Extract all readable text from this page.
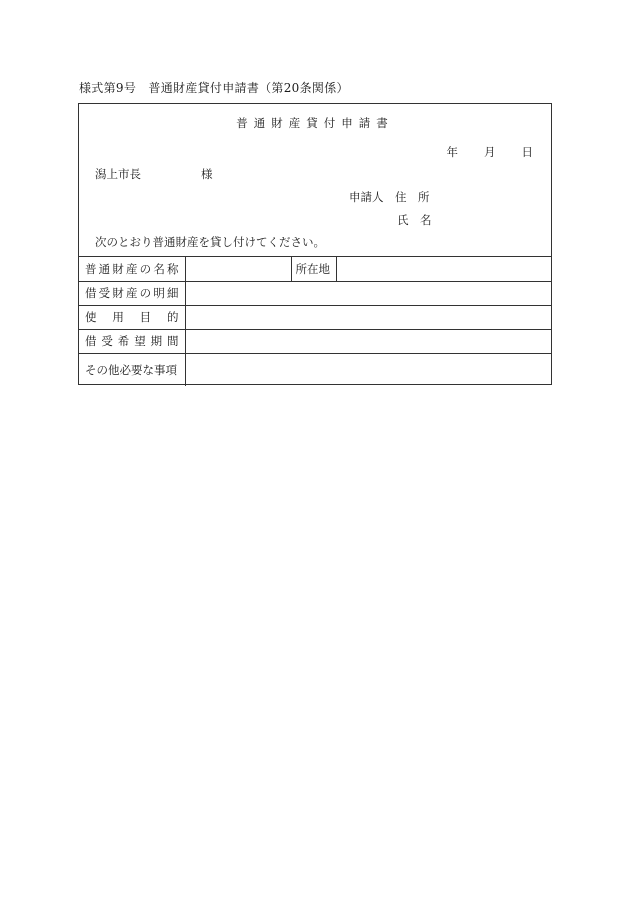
様式第9号　普通財産貸付申請書（第20条関係）
普通財産貸付申請書
年 月 日
潟上市長	様
申請人　住　所
氏　名
次のとおり普通財産を貸し付けてください。
普通財産の名称		所在地	
借受財産の明細			
使用目的			
借受希望期間			
その他必要な事項			
